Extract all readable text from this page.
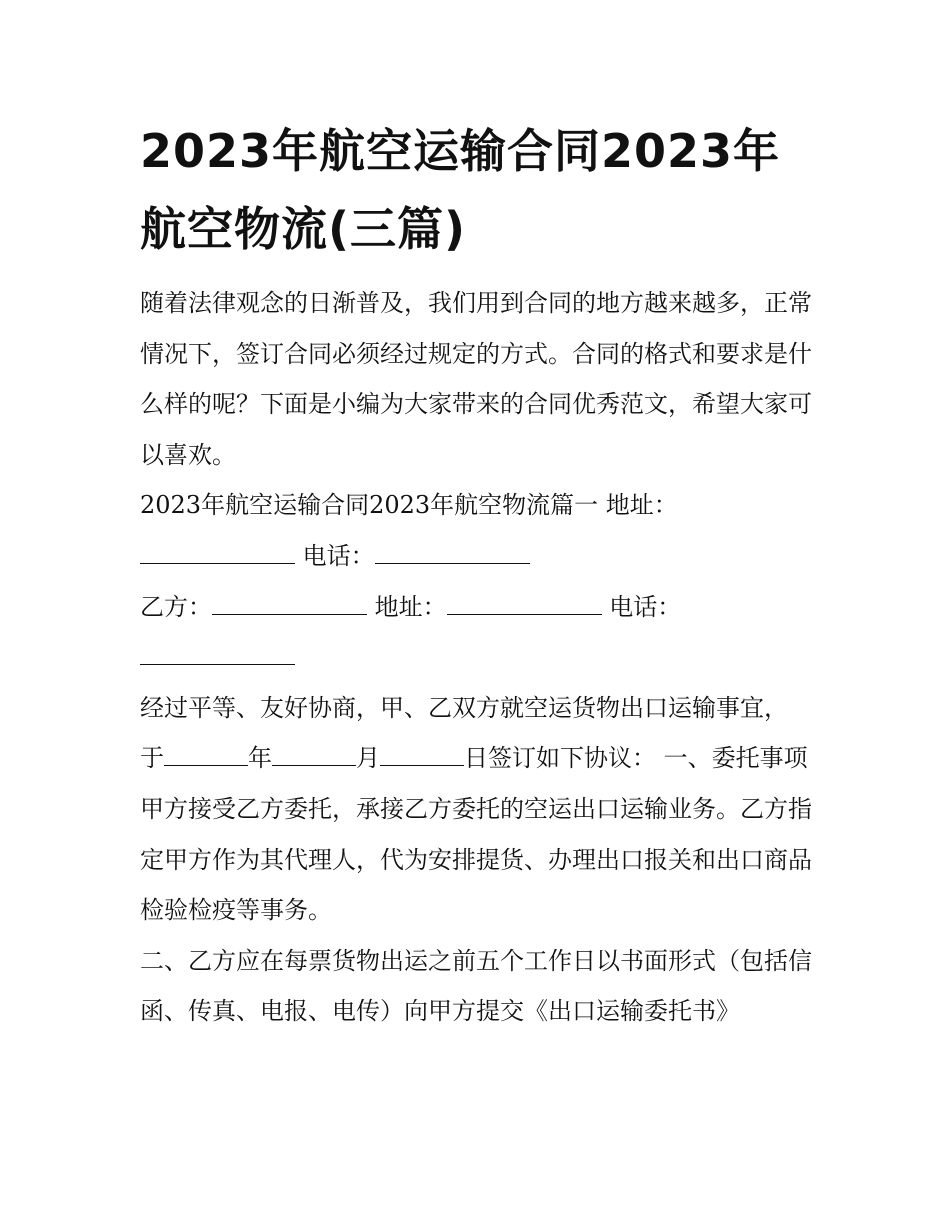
2023年航空运输合同2023年航空物流(三篇)

随着法律观念的日渐普及，我们用到合同的地方越来越多，正常情况下，签订合同必须经过规定的方式。合同的格式和要求是什么样的呢？下面是小编为大家带来的合同优秀范文，希望大家可以喜欢。

2023年航空运输合同2023年航空物流篇一 地址：
电话：

乙方：	地址：	电话：

经过平等、友好协商，甲、乙双方就空运货物出口运输事宜，
于	年	月	日签订如下协议： 一、委托事项

甲方接受乙方委托，承接乙方委托的空运出口运输业务。乙方指定甲方作为其代理人，代为安排提货、办理出口报关和出口商品检验检疫等事务。

二、乙方应在每票货物出运之前五个工作日以书面形式（包括信函、传真、电报、电传）向甲方提交《出口运输委托书》
